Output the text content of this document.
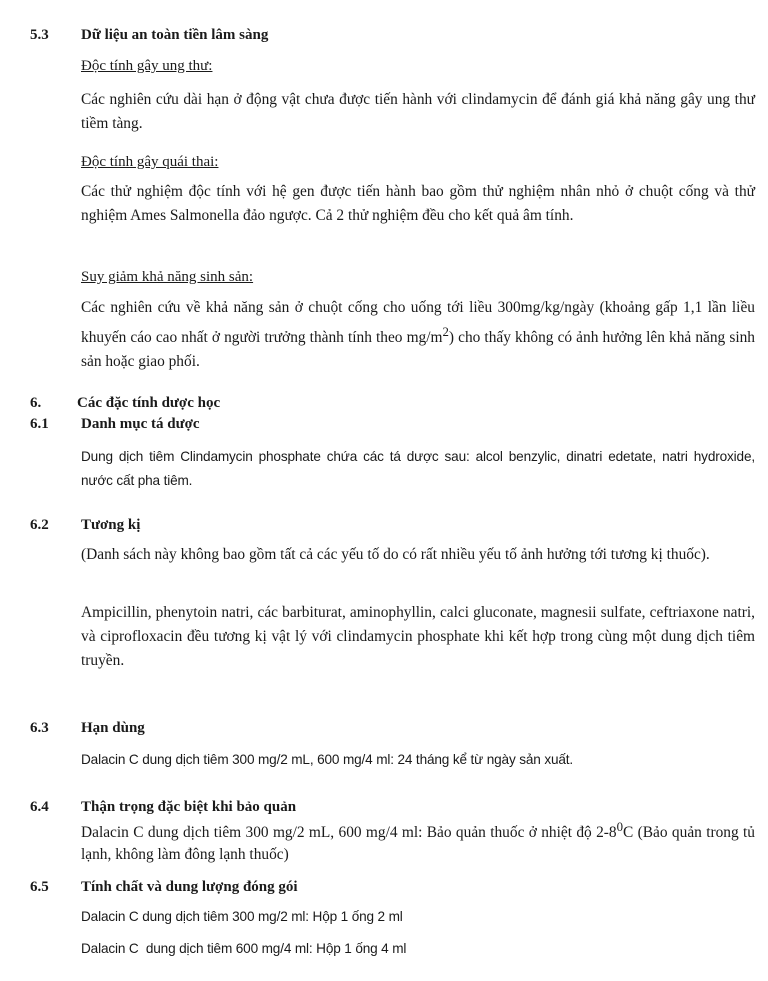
5.3 Dữ liệu an toàn tiền lâm sàng
Độc tính gây ung thư:
Các nghiên cứu dài hạn ở động vật chưa được tiến hành với clindamycin để đánh giá khả năng gây ung thư tiềm tàng.
Độc tính gây quái thai:
Các thử nghiệm độc tính với hệ gen được tiến hành bao gồm thử nghiệm nhân nhỏ ở chuột cống và thử nghiệm Ames Salmonella đảo ngược. Cả 2 thử nghiệm đều cho kết quả âm tính.
Suy giảm khả năng sinh sản:
Các nghiên cứu về khả năng sản ở chuột cống cho uống tới liều 300mg/kg/ngày (khoảng gấp 1,1 lần liều khuyến cáo cao nhất ở người trưởng thành tính theo $mg/m^2$) cho thấy không có ảnh hưởng lên khả năng sinh sản hoặc giao phối.
6. Các đặc tính dược học
6.1 Danh mục tá dược
Dung dịch tiêm Clindamycin phosphate chứa các tá dược sau: alcol benzylic, dinatri edetate, natri hydroxide, nước cất pha tiêm.
6.2 Tương kị
(Danh sách này không bao gồm tất cả các yếu tố do có rất nhiều yếu tố ảnh hưởng tới tương kị thuốc).
Ampicillin, phenytoin natri, các barbiturat, aminophyllin, calci gluconate, magnesii sulfate, ceftriaxone natri, và ciprofloxacin đều tương kị vật lý với clindamycin phosphate khi kết hợp trong cùng một dung dịch tiêm truyền.
6.3 Hạn dùng
Dalacin C dung dịch tiêm 300 mg/2 mL, 600 mg/4 ml: 24 tháng kể từ ngày sản xuất.
6.4 Thận trọng đặc biệt khi bảo quản
Dalacin C dung dịch tiêm 300 mg/2 mL, 600 mg/4 ml: Bảo quản thuốc ở nhiệt độ $2-8^0C$ (Bảo quản trong tủ lạnh, không làm đông lạnh thuốc)
6.5 Tính chất và dung lượng đóng gói
Dalacin C dung dịch tiêm 300 mg/2 ml: Hộp 1 ống 2 ml
Dalacin C  dung dịch tiêm 600 mg/4 ml: Hộp 1 ống 4 ml
